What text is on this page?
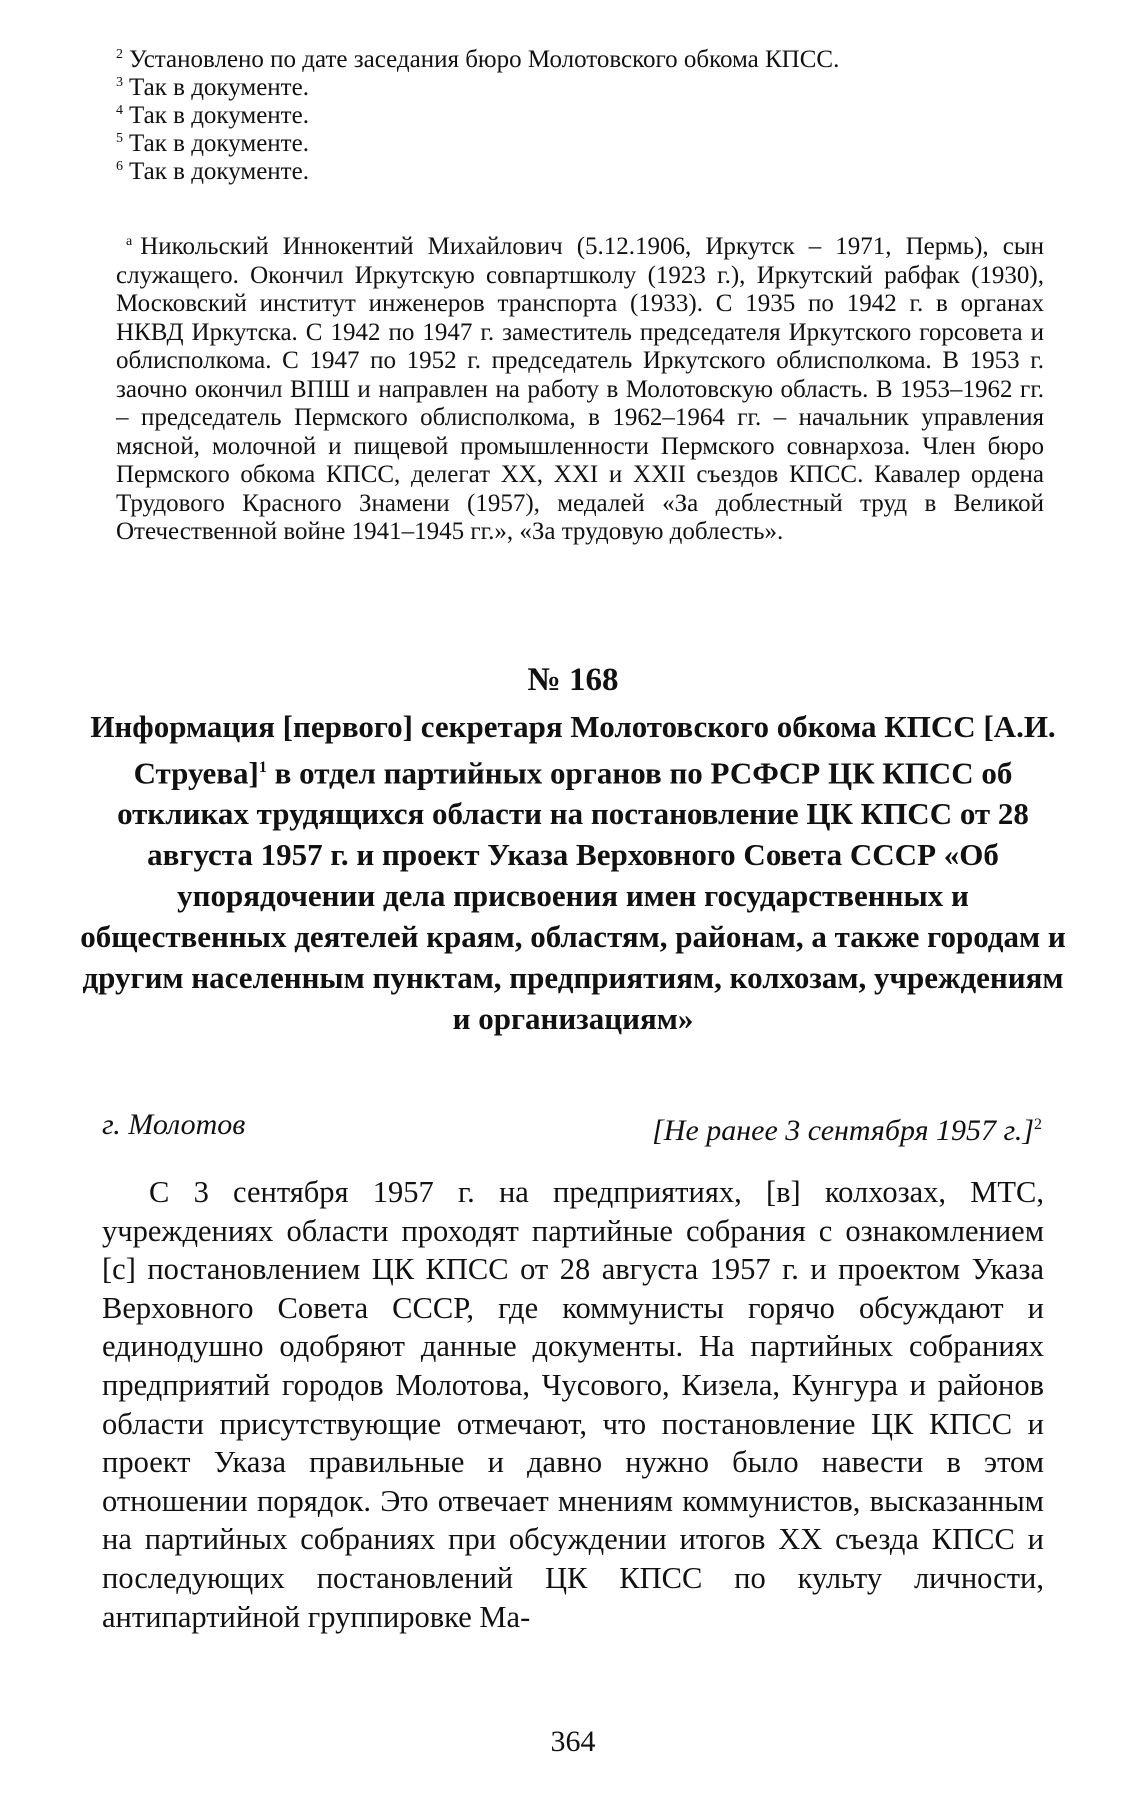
$^2$ Установлено по дате заседания бюро Молотовского обкома КПСС.

$^3$ Так в документе.

$^4$ Так в документе.

$^5$ Так в документе.

$^6$ Так в документе.

$^а$ Никольский Иннокентий Михайлович (5.12.1906, Иркутск – 1971, Пермь), сын служащего. Окончил Иркутскую совпартшколу (1923 г.), Иркутский рабфак (1930), Московский институт инженеров транспорта (1933). С 1935 по 1942 г. в органах НКВД Иркутска. С 1942 по 1947 г. заместитель председателя Иркутского горсовета и облисполкома. С 1947 по 1952 г. председатель Иркутского облисполкома. В 1953 г. заочно окончил ВПШ и направлен на работу в Молотовскую область. В 1953–1962 гг. – председатель Пермского облисполкома, в 1962–1964 гг. – начальник управления мясной, молочной и пищевой промышленности Пермского совнархоза. Член бюро Пермского обкома КПСС, делегат XX, XXI и XXII съездов КПСС. Кавалер ордена Трудового Красного Знамени (1957), медалей «За доблестный труд в Великой Отечественной войне 1941–1945 гг.», «За трудовую доблесть».

№ 168
Информация [первого] секретаря Молотовского обкома КПСС [А.И. Струева]$^1$ в отдел партийных органов по РСФСР ЦК КПСС об откликах трудящихся области на постановление ЦК КПСС от 28 августа 1957 г. и проект Указа Верховного Совета СССР «Об упорядочении дела присвоения имен государственных и общественных деятелей краям, областям, районам, а также городам и другим населенным пунктам, предприятиям, колхозам, учреждениям и организациям»
г. Молотов	[Не ранее 3 сентября 1957 г.]$^2$

С 3 сентября 1957 г. на предприятиях, [в] колхозах, МТС, учреждениях области проходят партийные собрания с ознакомлением [с] постановлением ЦК КПСС от 28 августа 1957 г. и проектом Указа Верховного Совета СССР, где коммунисты горячо обсуждают и единодушно одобряют данные документы. На партийных собраниях предприятий городов Молотова, Чусового, Кизела, Кунгура и районов области присутствующие отмечают, что постановление ЦК КПСС и проект Указа правильные и давно нужно было навести в этом отношении порядок. Это отвечает мнениям коммунистов, высказанным на партийных собраниях при обсуждении итогов XX съезда КПСС и последующих постановлений ЦК КПСС по культу личности, антипартийной группировке Ма-

364
